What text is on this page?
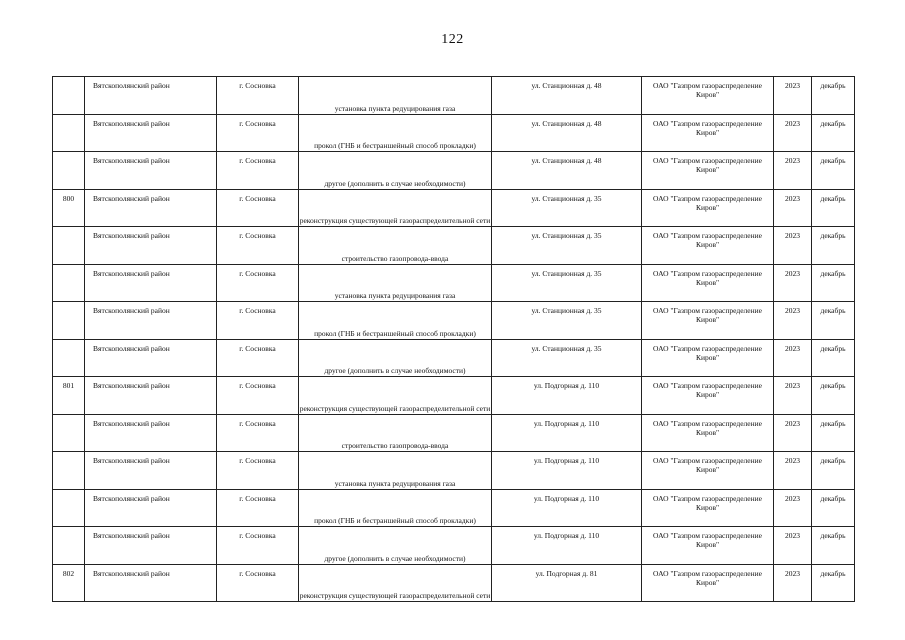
122
	Вятскополянский район	г. Сосновка	установка пункта редуцирования газа	ул. Станционная д. 48	ОАО "Газпром газораспределение Киров"	2023	декабрь
	Вятскополянский район	г. Сосновка	прокол (ГНБ и бестраншейный способ прокладки)	ул. Станционная д. 48	ОАО "Газпром газораспределение Киров"	2023	декабрь
	Вятскополянский район	г. Сосновка	другое (дополнить в случае необходимости)	ул. Станционная д. 48	ОАО "Газпром газораспределение Киров"	2023	декабрь
800	Вятскополянский район	г. Сосновка	реконструкция существующей газораспределительной сети	ул. Станционная д. 35	ОАО "Газпром газораспределение Киров"	2023	декабрь
	Вятскополянский район	г. Сосновка	строительство газопровода-ввода	ул. Станционная д. 35	ОАО "Газпром газораспределение Киров"	2023	декабрь
	Вятскополянский район	г. Сосновка	установка пункта редуцирования газа	ул. Станционная д. 35	ОАО "Газпром газораспределение Киров"	2023	декабрь
	Вятскополянский район	г. Сосновка	прокол (ГНБ и бестраншейный способ прокладки)	ул. Станционная д. 35	ОАО "Газпром газораспределение Киров"	2023	декабрь
	Вятскополянский район	г. Сосновка	другое (дополнить в случае необходимости)	ул. Станционная д. 35	ОАО "Газпром газораспределение Киров"	2023	декабрь
801	Вятскополянский район	г. Сосновка	реконструкция существующей газораспределительной сети	ул. Подгорная д. 110	ОАО "Газпром газораспределение Киров"	2023	декабрь
	Вятскополянский район	г. Сосновка	строительство газопровода-ввода	ул. Подгорная д. 110	ОАО "Газпром газораспределение Киров"	2023	декабрь
	Вятскополянский район	г. Сосновка	установка пункта редуцирования газа	ул. Подгорная д. 110	ОАО "Газпром газораспределение Киров"	2023	декабрь
	Вятскополянский район	г. Сосновка	прокол (ГНБ и бестраншейный способ прокладки)	ул. Подгорная д. 110	ОАО "Газпром газораспределение Киров"	2023	декабрь
	Вятскополянский район	г. Сосновка	другое (дополнить в случае необходимости)	ул. Подгорная д. 110	ОАО "Газпром газораспределение Киров"	2023	декабрь
802	Вятскополянский район	г. Сосновка	реконструкция существующей газораспределительной сети	ул. Подгорная д. 81	ОАО "Газпром газораспределение Киров"	2023	декабрь
